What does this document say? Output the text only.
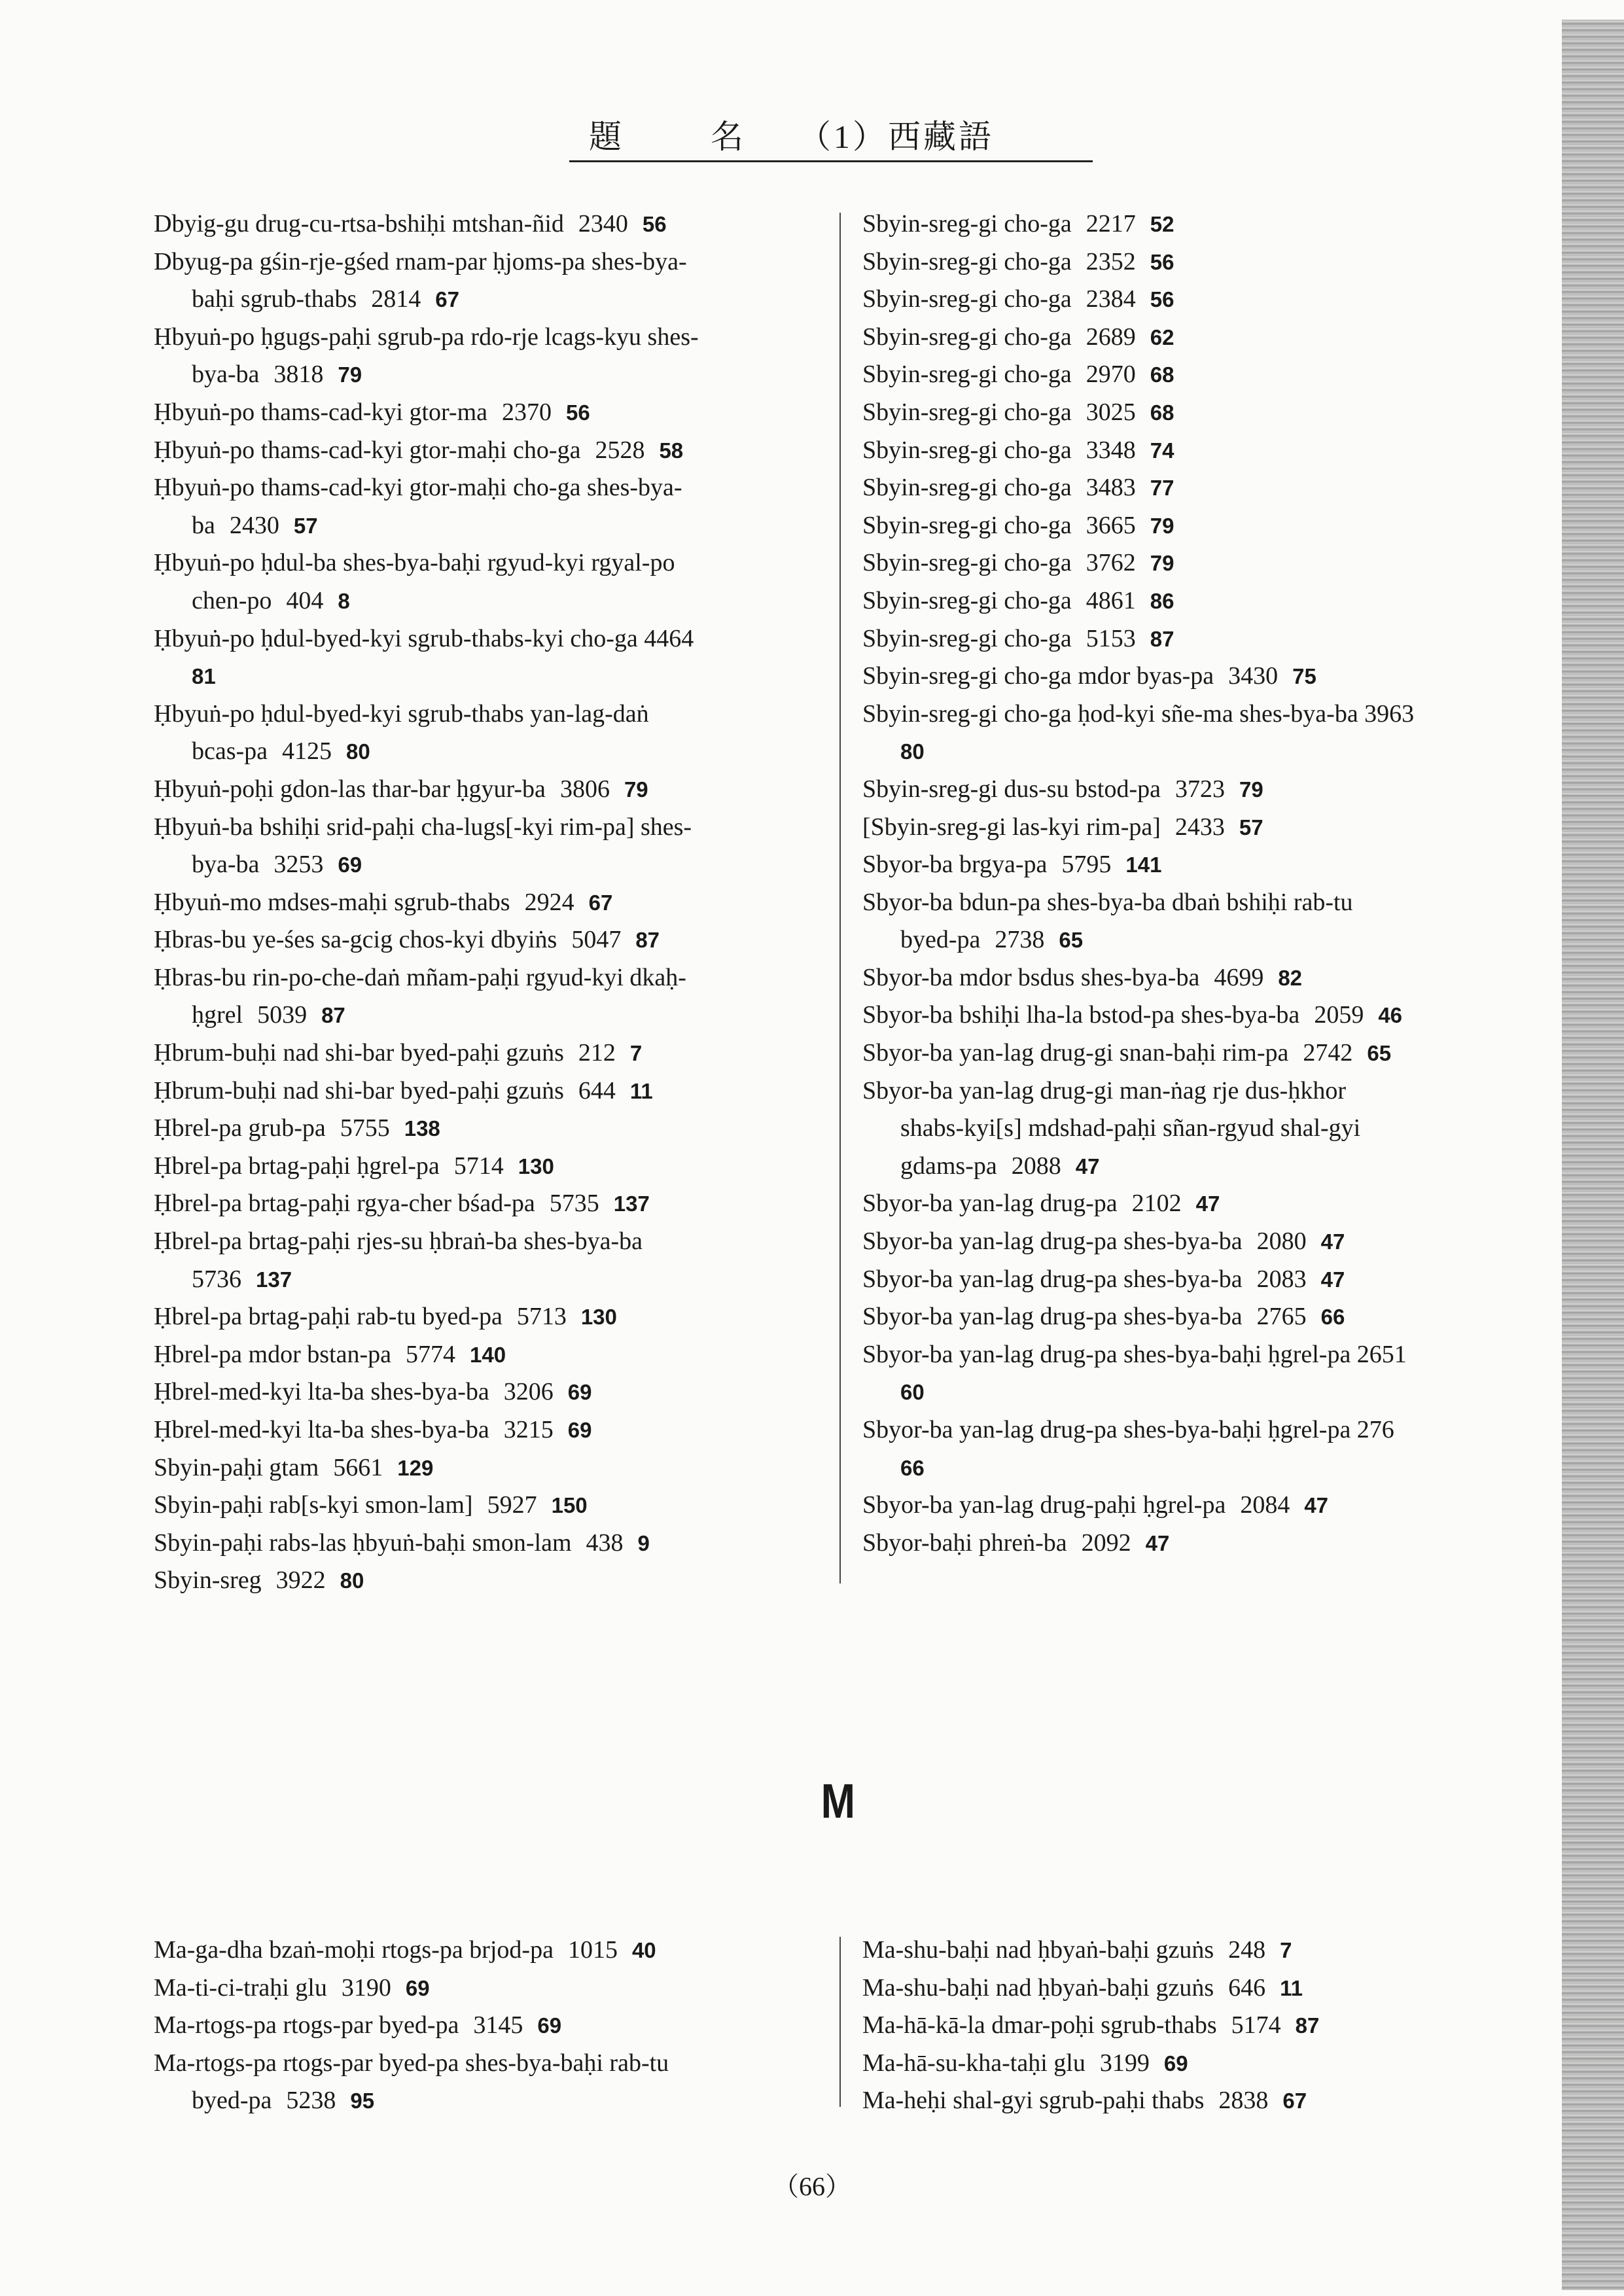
題	名 （1）西藏語
Dbyig-gu drug-cu-rtsa-bshiḥi mtshan-ñid 2340 56
Dbyug-pa gśin-rje-gśed rnam-par ḥjoms-pa shes-bya-
baḥi sgrub-thabs 2814 67
Ḥbyuṅ-po ḥgugs-paḥi sgrub-pa rdo-rje lcags-kyu shes-
bya-ba 3818 79
Ḥbyuṅ-po thams-cad-kyi gtor-ma 2370 56
Ḥbyuṅ-po thams-cad-kyi gtor-maḥi cho-ga 2528 58
Ḥbyuṅ-po thams-cad-kyi gtor-maḥi cho-ga shes-bya-
ba 2430 57
Ḥbyuṅ-po ḥdul-ba shes-bya-baḥi rgyud-kyi rgyal-po
chen-po 404 8
Ḥbyuṅ-po ḥdul-byed-kyi sgrub-thabs-kyi cho-ga 4464
81
Ḥbyuṅ-po ḥdul-byed-kyi sgrub-thabs yan-lag-daṅ
bcas-pa 4125 80
Ḥbyuṅ-poḥi gdon-las thar-bar ḥgyur-ba 3806 79
Ḥbyuṅ-ba bshiḥi srid-paḥi cha-lugs[-kyi rim-pa] shes-
bya-ba 3253 69
Ḥbyuṅ-mo mdses-maḥi sgrub-thabs 2924 67
Ḥbras-bu ye-śes sa-gcig chos-kyi dbyiṅs 5047 87
Ḥbras-bu rin-po-che-daṅ mñam-paḥi rgyud-kyi dkaḥ-
ḥgrel 5039 87
Ḥbrum-buḥi nad shi-bar byed-paḥi gzuṅs 212 7
Ḥbrum-buḥi nad shi-bar byed-paḥi gzuṅs 644 11
Ḥbrel-pa grub-pa 5755 138
Ḥbrel-pa brtag-paḥi ḥgrel-pa 5714 130
Ḥbrel-pa brtag-paḥi rgya-cher bśad-pa 5735 137
Ḥbrel-pa brtag-paḥi rjes-su ḥbraṅ-ba shes-bya-ba
5736 137
Ḥbrel-pa brtag-paḥi rab-tu byed-pa 5713 130
Ḥbrel-pa mdor bstan-pa 5774 140
Ḥbrel-med-kyi lta-ba shes-bya-ba 3206 69
Ḥbrel-med-kyi lta-ba shes-bya-ba 3215 69
Sbyin-paḥi gtam 5661 129
Sbyin-paḥi rab[s-kyi smon-lam] 5927 150
Sbyin-paḥi rabs-las ḥbyuṅ-baḥi smon-lam 438 9
Sbyin-sreg 3922 80
Sbyin-sreg-gi cho-ga 2217 52
Sbyin-sreg-gi cho-ga 2352 56
Sbyin-sreg-gi cho-ga 2384 56
Sbyin-sreg-gi cho-ga 2689 62
Sbyin-sreg-gi cho-ga 2970 68
Sbyin-sreg-gi cho-ga 3025 68
Sbyin-sreg-gi cho-ga 3348 74
Sbyin-sreg-gi cho-ga 3483 77
Sbyin-sreg-gi cho-ga 3665 79
Sbyin-sreg-gi cho-ga 3762 79
Sbyin-sreg-gi cho-ga 4861 86
Sbyin-sreg-gi cho-ga 5153 87
Sbyin-sreg-gi cho-ga mdor byas-pa 3430 75
Sbyin-sreg-gi cho-ga ḥod-kyi sñe-ma shes-bya-ba 3963
80
Sbyin-sreg-gi dus-su bstod-pa 3723 79
[Sbyin-sreg-gi las-kyi rim-pa] 2433 57
Sbyor-ba brgya-pa 5795 141
Sbyor-ba bdun-pa shes-bya-ba dbaṅ bshiḥi rab-tu
byed-pa 2738 65
Sbyor-ba mdor bsdus shes-bya-ba 4699 82
Sbyor-ba bshiḥi lha-la bstod-pa shes-bya-ba 2059 46
Sbyor-ba yan-lag drug-gi snan-baḥi rim-pa 2742 65
Sbyor-ba yan-lag drug-gi man-ṅag rje dus-ḥkhor
shabs-kyi[s] mdshad-paḥi sñan-rgyud shal-gyi
gdams-pa 2088 47
Sbyor-ba yan-lag drug-pa 2102 47
Sbyor-ba yan-lag drug-pa shes-bya-ba 2080 47
Sbyor-ba yan-lag drug-pa shes-bya-ba 2083 47
Sbyor-ba yan-lag drug-pa shes-bya-ba 2765 66
Sbyor-ba yan-lag drug-pa shes-bya-baḥi ḥgrel-pa 2651
60
Sbyor-ba yan-lag drug-pa shes-bya-baḥi ḥgrel-pa 276
66
Sbyor-ba yan-lag drug-paḥi ḥgrel-pa 2084 47
Sbyor-baḥi phreṅ-ba 2092 47
M
Ma-ga-dha bzaṅ-moḥi rtogs-pa brjod-pa 1015 40
Ma-ti-ci-traḥi glu 3190 69
Ma-rtogs-pa rtogs-par byed-pa 3145 69
Ma-rtogs-pa rtogs-par byed-pa shes-bya-baḥi rab-tu
byed-pa 5238 95
Ma-shu-baḥi nad ḥbyaṅ-baḥi gzuṅs 248 7
Ma-shu-baḥi nad ḥbyaṅ-baḥi gzuṅs 646 11
Ma-hā-kā-la dmar-poḥi sgrub-thabs 5174 87
Ma-hā-su-kha-taḥi glu 3199 69
Ma-heḥi shal-gyi sgrub-paḥi thabs 2838 67
（66）
